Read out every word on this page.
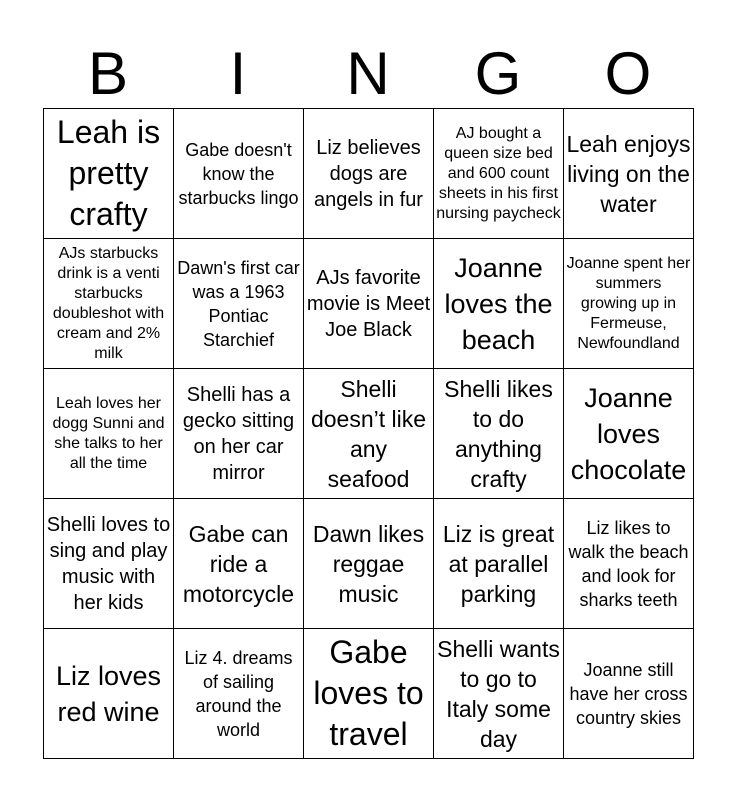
B	I	N	G	O
Leah is pretty crafty	Gabe doesn't know the starbucks lingo	Liz believes dogs are angels in fur	AJ bought a queen size bed and 600 count sheets in his first nursing paycheck	Leah enjoys living on the water

AJs starbucks drink is a venti starbucks doubleshot with cream and 2% milk	Dawn's first car was a 1963 Pontiac Starchief	AJs favorite movie is Meet Joe Black	Joanne loves the beach	Joanne spent her summers growing up in Fermeuse, Newfoundland

Leah loves her dogg Sunni and she talks to her all the time	Shelli has a gecko sitting on her car mirror	Shelli doesn’t like any seafood	Shelli likes to do anything crafty	Joanne loves chocolate

Shelli loves to sing and play music with her kids	Gabe can ride a motorcycle	Dawn likes reggae music	Liz is great at parallel parking	Liz likes to walk the beach and look for sharks teeth

Liz loves red wine	Liz 4. dreams of sailing around the world	Gabe loves to travel	Shelli wants to go to Italy some day	Joanne still have her cross country skies
